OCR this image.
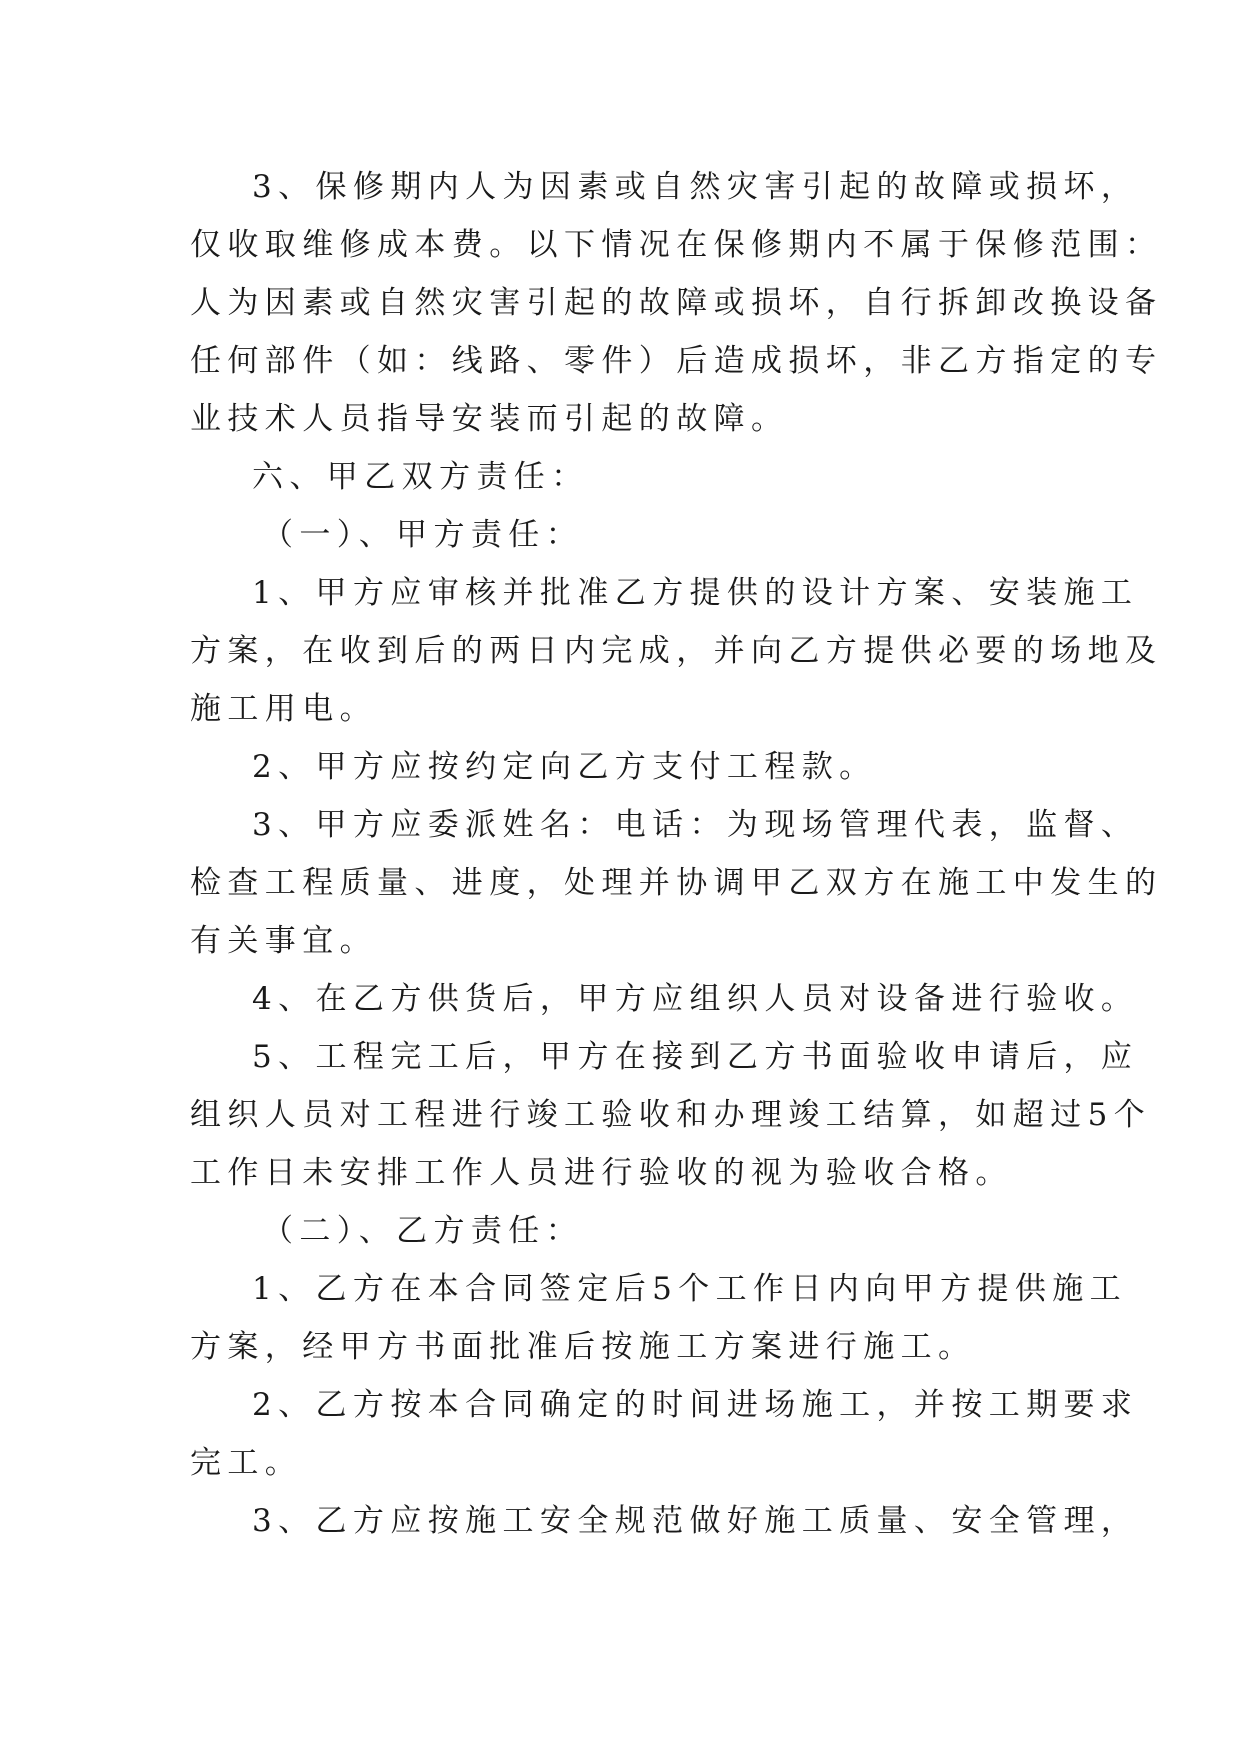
3、保修期内人为因素或自然灾害引起的故障或损坏，
仅收取维修成本费。以下情况在保修期内不属于保修范围：
人为因素或自然灾害引起的故障或损坏，自行拆卸改换设备
任何部件（如：线路、零件）后造成损坏，非乙方指定的专
业技术人员指导安装而引起的故障。
六、甲乙双方责任：
（一）、甲方责任：
1、甲方应审核并批准乙方提供的设计方案、安装施工
方案，在收到后的两日内完成，并向乙方提供必要的场地及
施工用电。
2、甲方应按约定向乙方支付工程款。
3、甲方应委派姓名：电话：为现场管理代表，监督、
检查工程质量、进度，处理并协调甲乙双方在施工中发生的
有关事宜。
4、在乙方供货后，甲方应组织人员对设备进行验收。
5、工程完工后，甲方在接到乙方书面验收申请后，应
组织人员对工程进行竣工验收和办理竣工结算，如超过5个
工作日未安排工作人员进行验收的视为验收合格。
（二）、乙方责任：
1、乙方在本合同签定后5个工作日内向甲方提供施工
方案，经甲方书面批准后按施工方案进行施工。
2、乙方按本合同确定的时间进场施工，并按工期要求
完工。
3、乙方应按施工安全规范做好施工质量、安全管理，
